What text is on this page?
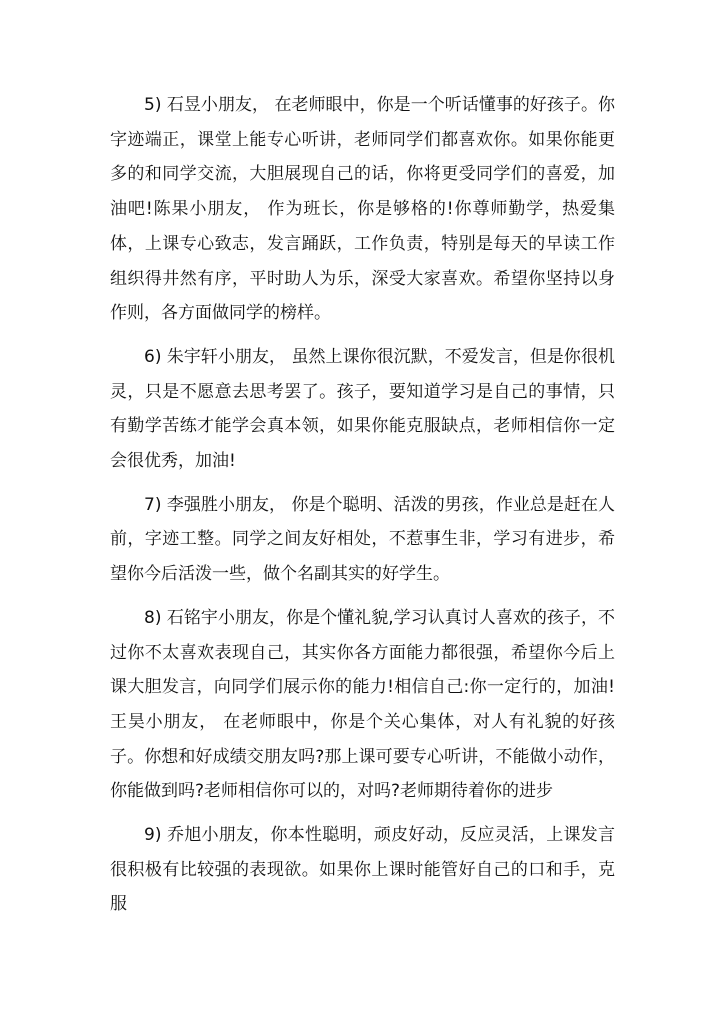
5) 石昱小朋友， 在老师眼中，你是一个听话懂事的好孩子。你字迹端正，课堂上能专心听讲，老师同学们都喜欢你。如果你能更多的和同学交流，大胆展现自己的话，你将更受同学们的喜爱，加油吧!陈果小朋友， 作为班长，你是够格的!你尊师勤学，热爱集体，上课专心致志，发言踊跃，工作负责，特别是每天的早读工作组织得井然有序，平时助人为乐，深受大家喜欢。希望你坚持以身作则，各方面做同学的榜样。

6) 朱宇轩小朋友， 虽然上课你很沉默，不爱发言，但是你很机灵，只是不愿意去思考罢了。孩子，要知道学习是自己的事情，只有勤学苦练才能学会真本领，如果你能克服缺点，老师相信你一定会很优秀，加油!

7) 李强胜小朋友， 你是个聪明、活泼的男孩，作业总是赶在人前，字迹工整。同学之间友好相处，不惹事生非，学习有进步，希望你今后活泼一些，做个名副其实的好学生。

8) 石铭宇小朋友，你是个懂礼貌,学习认真讨人喜欢的孩子，不过你不太喜欢表现自己，其实你各方面能力都很强，希望你今后上课大胆发言，向同学们展示你的能力!相信自己:你一定行的，加油!王昊小朋友， 在老师眼中，你是个关心集体，对人有礼貌的好孩子。你想和好成绩交朋友吗?那上课可要专心听讲，不能做小动作，你能做到吗?老师相信你可以的，对吗?老师期待着你的进步

9) 乔旭小朋友，你本性聪明，顽皮好动，反应灵活，上课发言很积极有比较强的表现欲。如果你上课时能管好自己的口和手，克服
